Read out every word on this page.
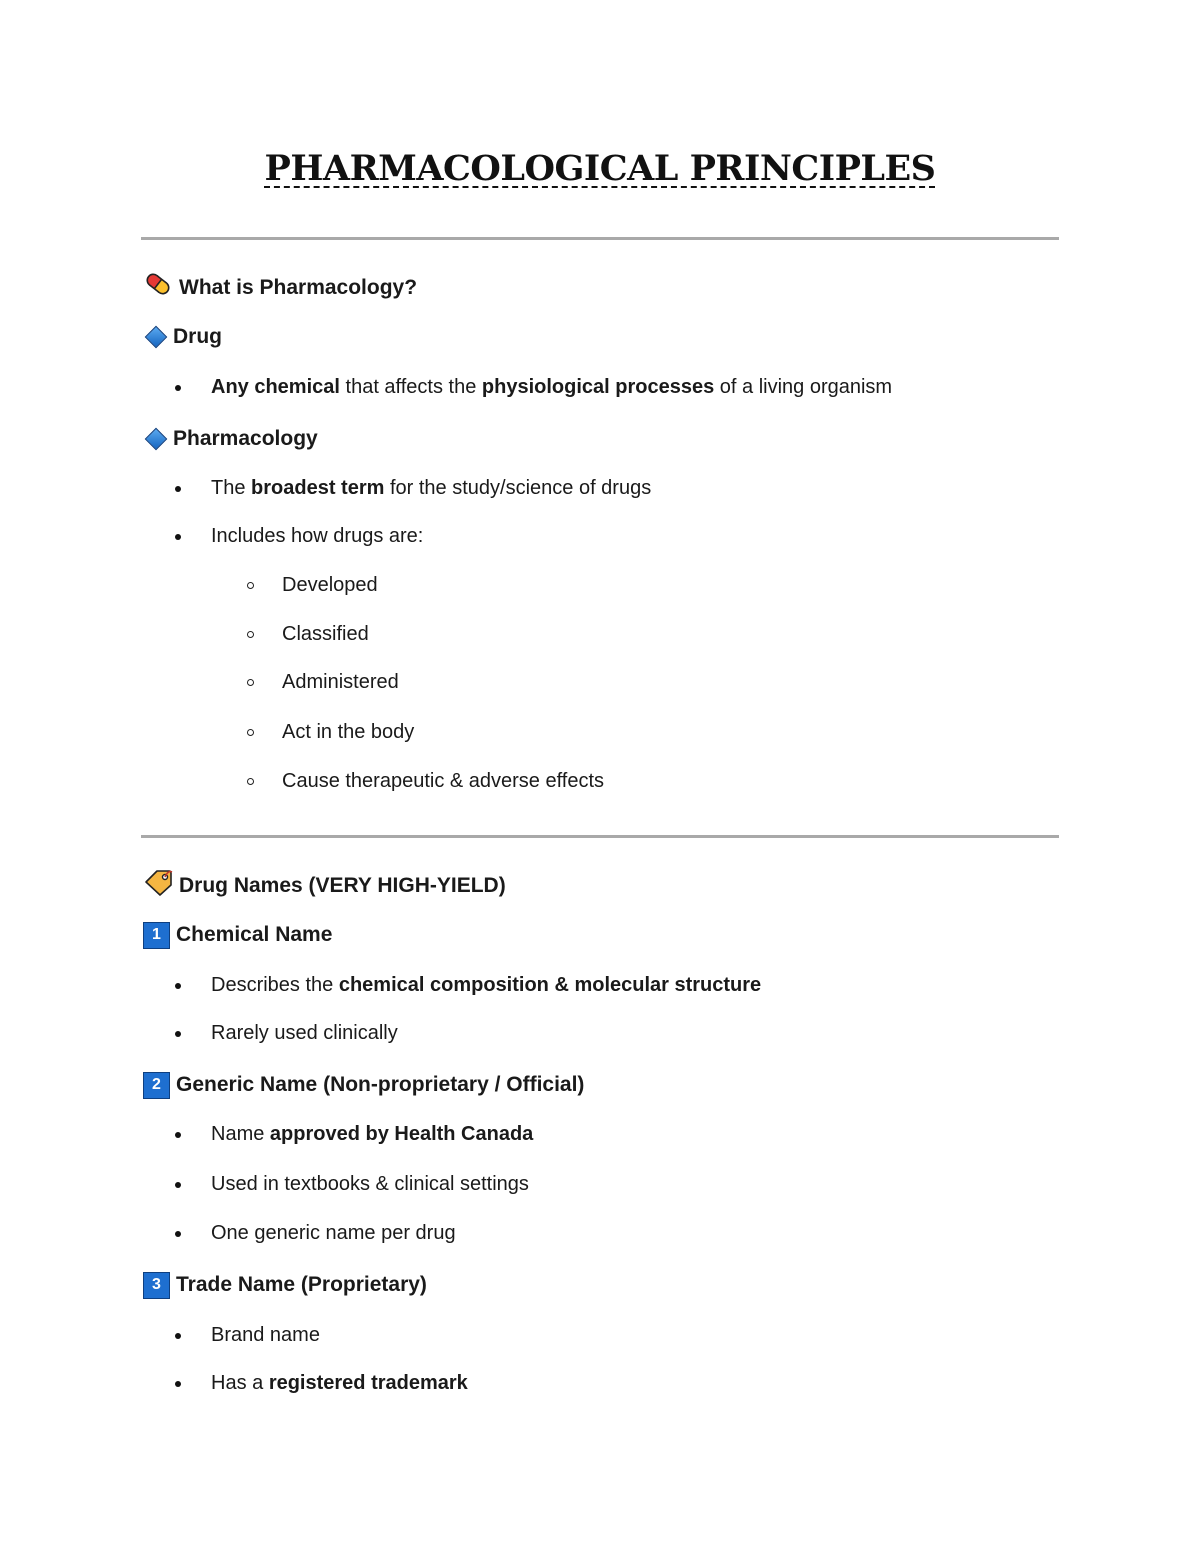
PHARMACOLOGICAL PRINCIPLES
What is Pharmacology?
Drug
Any chemical that affects the physiological processes of a living organism
Pharmacology
The broadest term for the study/science of drugs
Includes how drugs are:
Developed
Classified
Administered
Act in the body
Cause therapeutic & adverse effects
Drug Names (VERY HIGH-YIELD)
1 Chemical Name
Describes the chemical composition & molecular structure
Rarely used clinically
2 Generic Name (Non-proprietary / Official)
Name approved by Health Canada
Used in textbooks & clinical settings
One generic name per drug
3 Trade Name (Proprietary)
Brand name
Has a registered trademark
